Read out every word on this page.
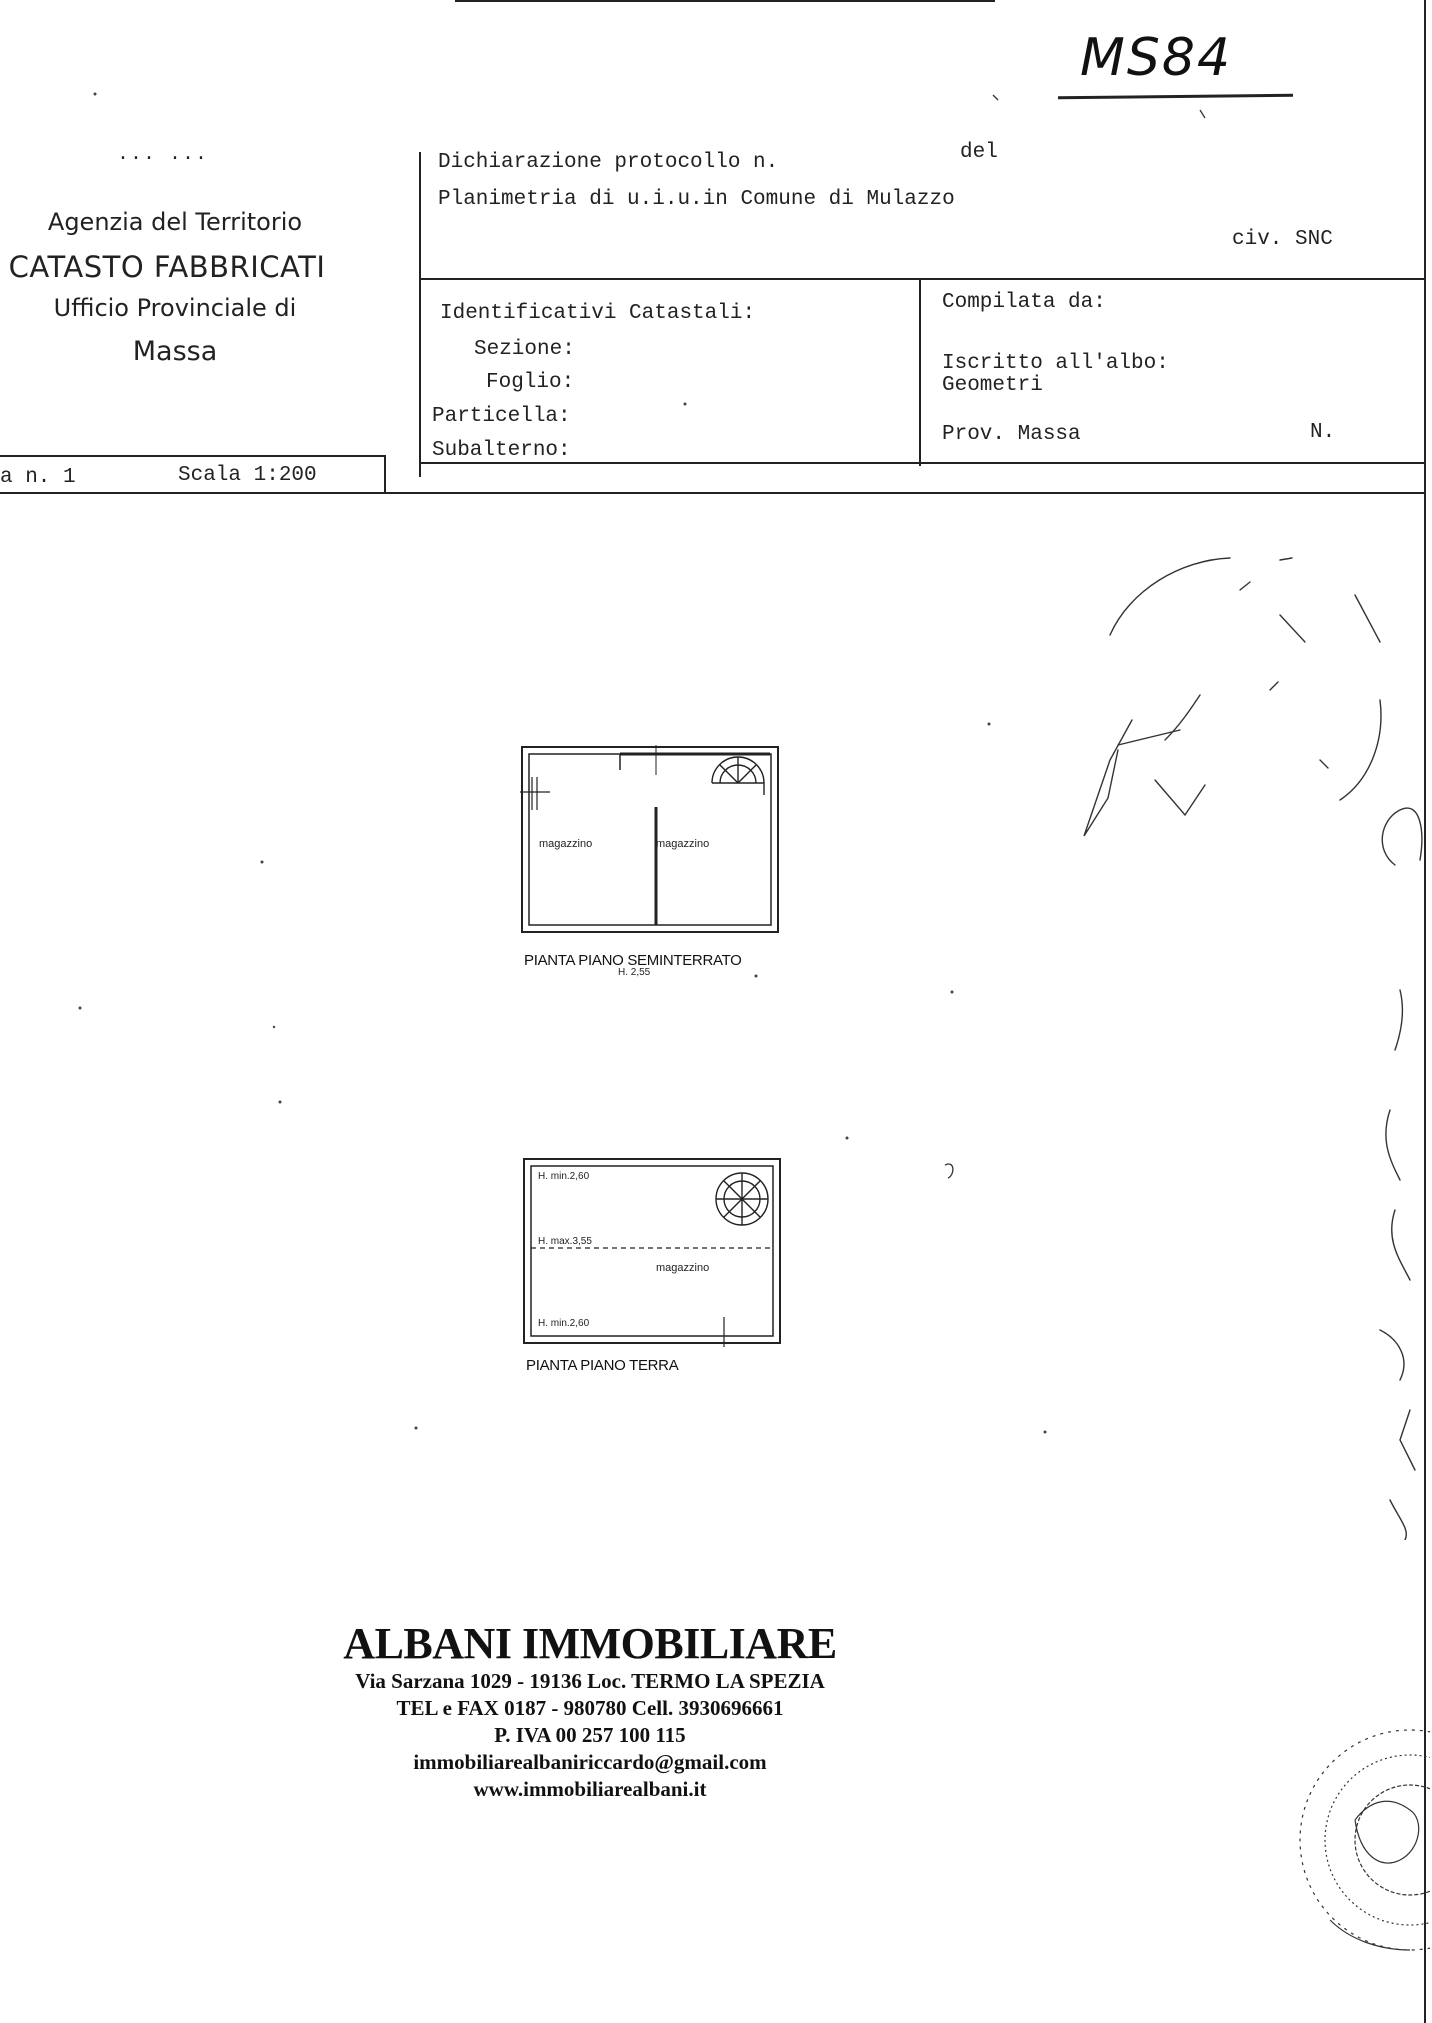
MS84
... ...
Agenzia del Territorio
CATASTO FABBRICATI
Ufficio Provinciale di
Massa
Dichiarazione protocollo n.	del
Planimetria di u.i.u.in Comune di Mulazzo
civ. SNC
Identificativi Catastali:
Sezione:
Foglio:
Particella:
Subalterno:
Compilata da:
Iscritto all'albo:
Geometri
Prov. Massa	N.
a n. 1	Scala 1:200
magazzino	magazzino
PIANTA PIANO SEMINTERRATO
H. 2,55
H. min.2,60
H. max.3,55
magazzino
H. min.2,60
PIANTA PIANO TERRA
ALBANI IMMOBILIARE
Via Sarzana 1029 - 19136 Loc. TERMO LA SPEZIA
TEL e FAX 0187 - 980780 Cell. 3930696661
P. IVA 00 257 100 115
immobiliarealbaniriccardo@gmail.com
www.immobiliarealbani.it
